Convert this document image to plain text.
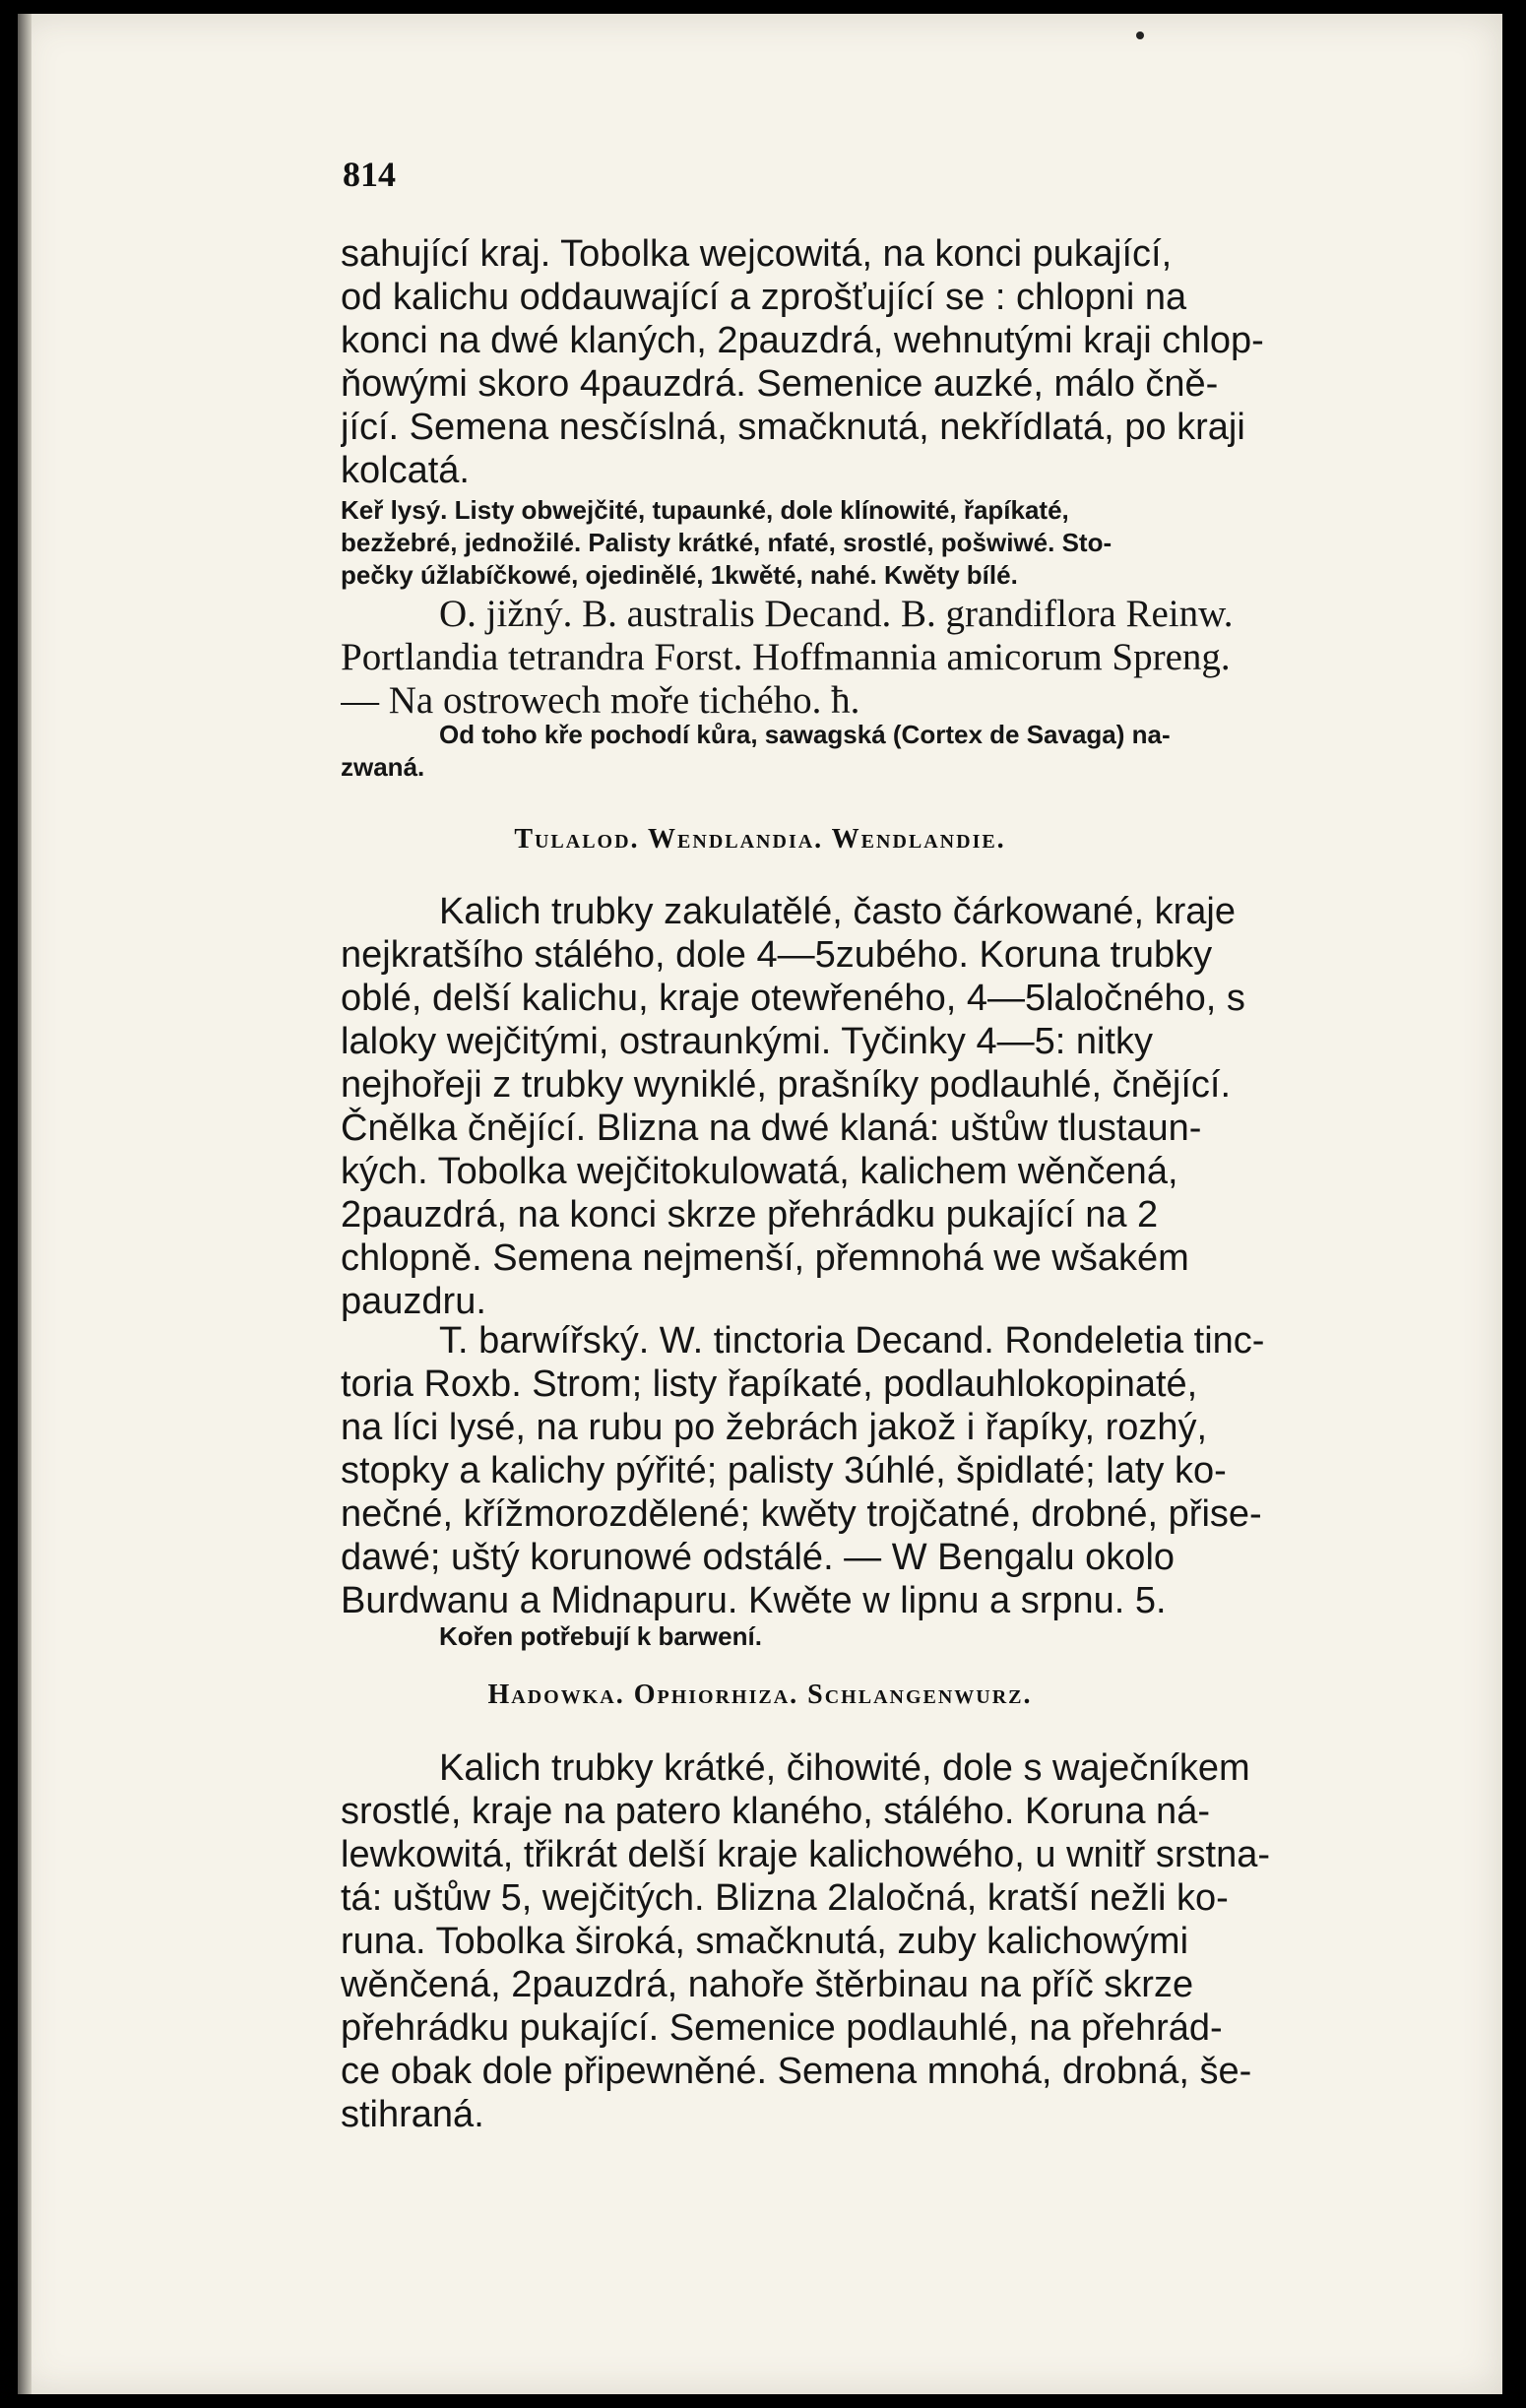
814
sahující kraj. Tobolka wejcowitá, na konci pukající,
od kalichu oddauwající a zprošťující se : chlopni na
konci na dwé klaných, 2pauzdrá, wehnutými kraji chlop-
ňowými skoro 4pauzdrá. Semenice auzké, málo čně-
jící. Semena nesčíslná, smačknutá, nekřídlatá, po kraji
kolcatá.
Keř lysý. Listy obwejčité, tupaunké, dole klínowité, řapíkaté,
bezžebré, jednožilé. Palisty krátké, nfaté, srostlé, pošwiwé. Sto-
pečky úžlabíčkowé, ojedinělé, 1kwěté, nahé. Kwěty bílé.
O. jižný. B. australis Decand. B. grandiflora Reinw.
Portlandia tetrandra Forst. Hoffmannia amicorum Spreng.
— Na ostrowech moře tichého. ħ.
Od toho kře pochodí kůra, sawagská (Cortex de Savaga) na-
zwaná.
Tulalod. Wendlandia. Wendlandie.
Kalich trubky zakulatělé, často čárkowané, kraje
nejkratšího stálého, dole 4—5zubého. Koruna trubky
oblé, delší kalichu, kraje otewřeného, 4—5laločného, s
laloky wejčitými, ostraunkými. Tyčinky 4—5: nitky
nejhořeji z trubky wyniklé, prašníky podlauhlé, čnějící.
Čnělka čnějící. Blizna na dwé klaná: uštůw tlustaun-
kých. Tobolka wejčitokulowatá, kalichem wěnčená,
2pauzdrá, na konci skrze přehrádku pukající na 2
chlopně. Semena nejmenší, přemnohá we wšakém
pauzdru.
T. barwířský. W. tinctoria Decand. Rondeletia tinc-
toria Roxb. Strom; listy řapíkaté, podlauhlokopinaté,
na líci lysé, na rubu po žebrách jakož i řapíky, rozhý,
stopky a kalichy pýřité; palisty 3úhlé, špidlaté; laty ko-
nečné, křížmorozdělené; kwěty trojčatné, drobné, přise-
dawé; uštý korunowé odstálé. — W Bengalu okolo
Burdwanu a Midnapuru. Kwěte w lipnu a srpnu. 5.
Kořen potřebují k barwení.
Hadowka. Ophiorhiza. Schlangenwurz.
Kalich trubky krátké, čihowité, dole s waječníkem
srostlé, kraje na patero klaného, stálého. Koruna ná-
lewkowitá, třikrát delší kraje kalichowého, u wnitř srstna-
tá: uštůw 5, wejčitých. Blizna 2laločná, kratší nežli ko-
runa. Tobolka široká, smačknutá, zuby kalichowými
wěnčená, 2pauzdrá, nahoře štěrbinau na příč skrze
přehrádku pukající. Semenice podlauhlé, na přehrád-
ce obak dole připewněné. Semena mnohá, drobná, še-
stihraná.
